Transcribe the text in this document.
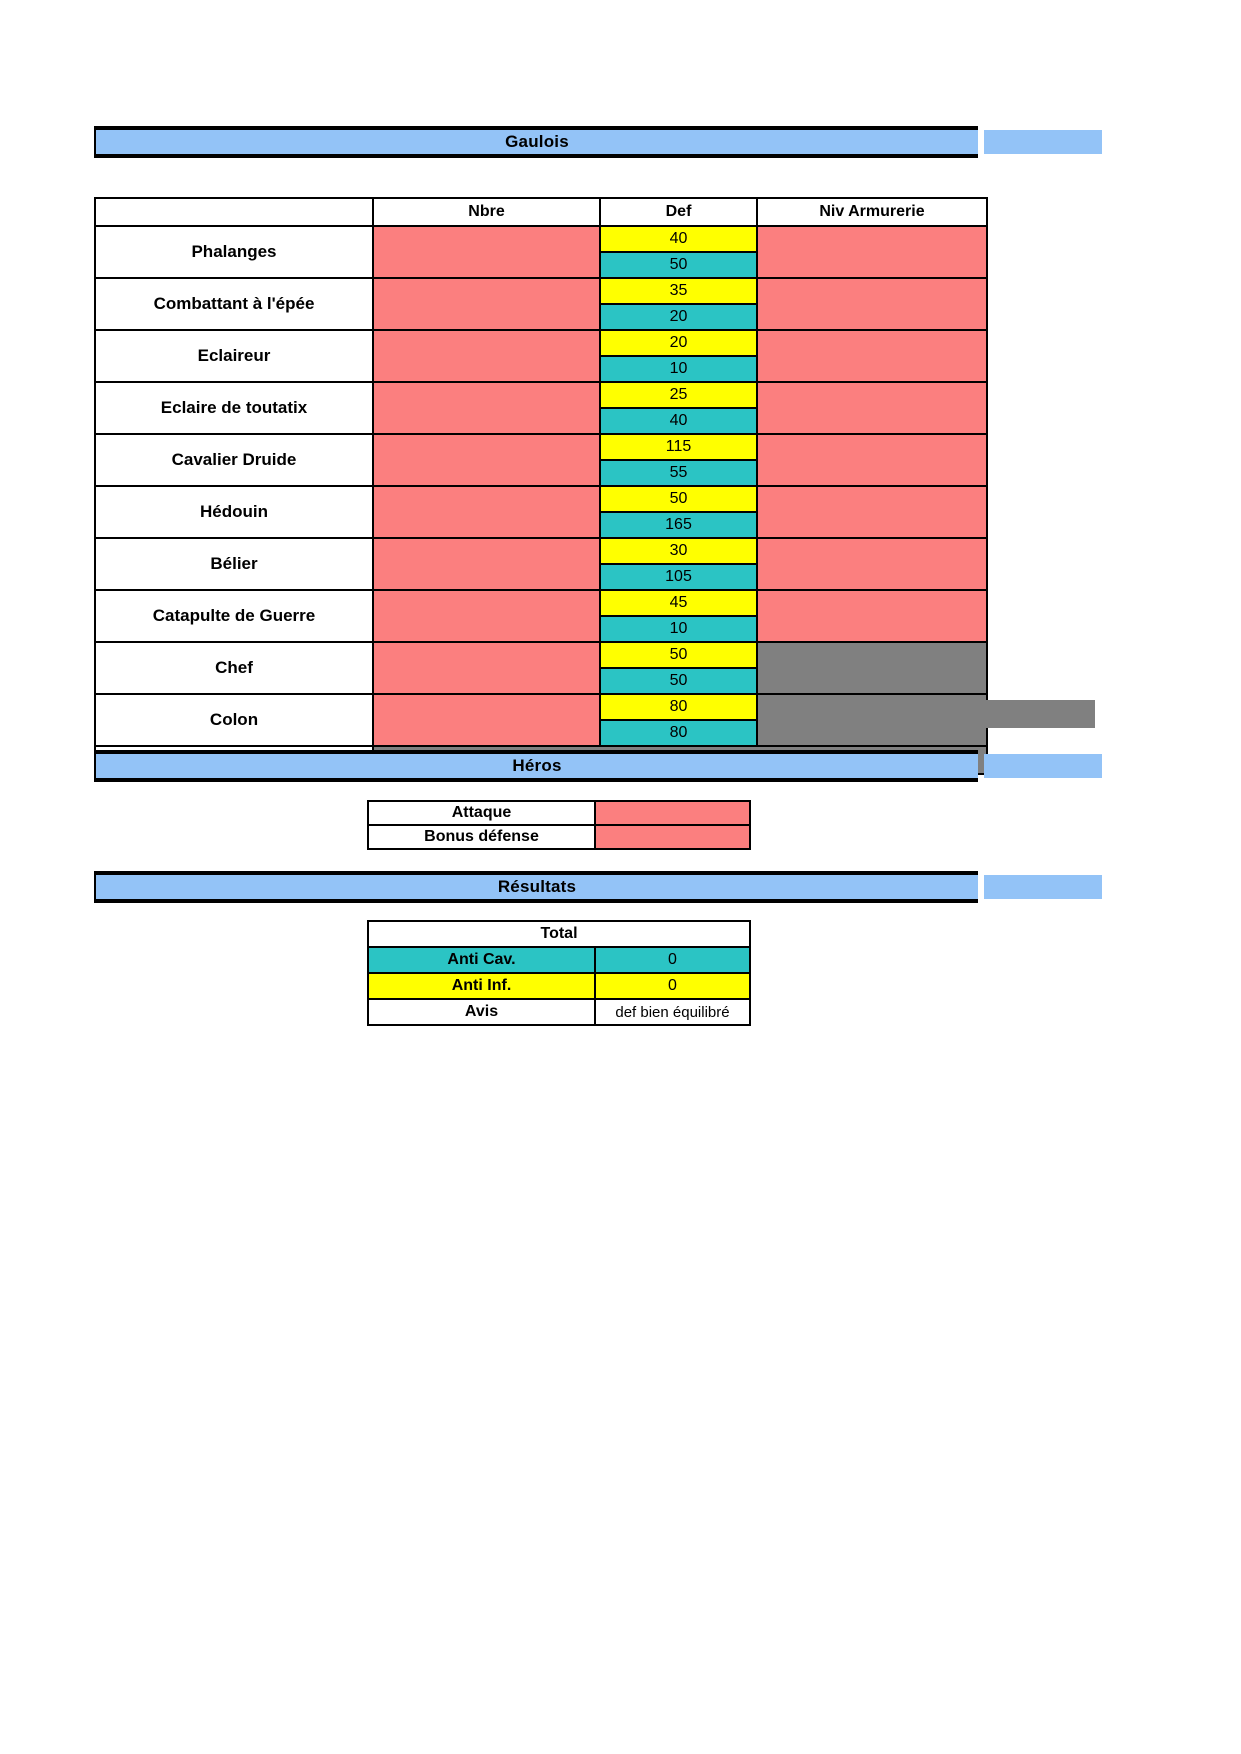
Gaulois
	Nbre	Def	Niv Armurerie
Phalanges		40	
		50	
Combattant à l'épée		35	
		20	
Eclaireur		20	
		10	
Eclaire de toutatix		25	
		40	
Cavalier Druide		115	
		55	
Hédouin		50	
		165	
Bélier		30	
		105	
Catapulte de Guerre		45	
		10	
Chef		50	
		50	
Colon		80	
		80	

Héros
Attaque	
Bonus défense	
Résultats
Total	
Anti Cav.	0
Anti Inf.	0
Avis	def bien équilibré
